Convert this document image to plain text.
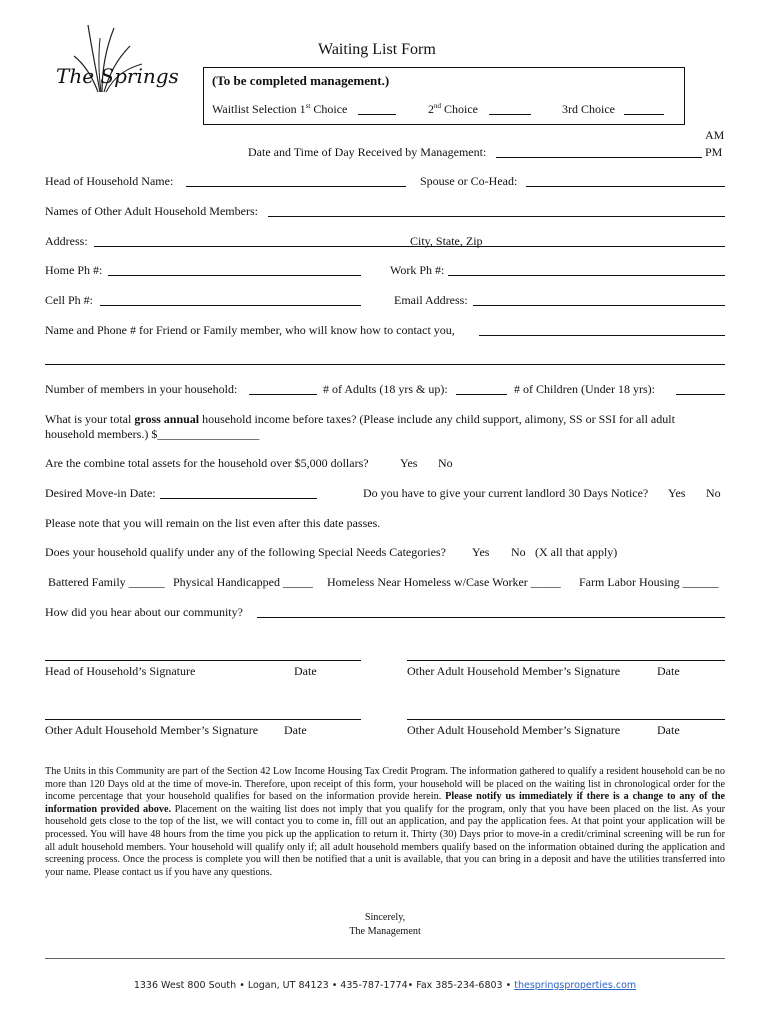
The Springs
Waiting List Form
(To be completed management.)
Waitlist Selection 1st Choice	2nd Choice	3rd Choice
AM
Date and Time of Day Received by Management:	PM
Head of Household Name:	Spouse or Co-Head:
Names of Other Adult Household Members:
Address:	City, State, Zip
Home Ph #:	Work Ph #:
Cell Ph #:	Email Address:
Name and Phone # for Friend or Family member, who will know how to contact you,
Number of members in your household:	# of Adults (18 yrs & up):	# of Children (Under 18 yrs):
What is your total gross annual household income before taxes? (Please include any child support, alimony, SS or SSI for all adult
household members.) $_________________
Are the combine total assets for the household over $5,000 dollars?	Yes No
Desired Move-in Date:	Do you have to give your current landlord 30 Days Notice? Yes No
Please note that you will remain on the list even after this date passes.
Does your household qualify under any of the following Special Needs Categories? Yes No (X all that apply)
Battered Family ______ Physical Handicapped _____ Homeless Near Homeless w/Case Worker _____ Farm Labor Housing ______
How did you hear about our community?
Head of Household’s Signature	Date	Other Adult Household Member’s Signature	Date
Other Adult Household Member’s Signature Date	Other Adult Household Member’s Signature	Date
The Units in this Community are part of the Section 42 Low Income Housing Tax Credit Program. The information gathered to qualify a resident household can be no more than 120 Days old at the time of move-in. Therefore, upon receipt of this form, your household will be placed on the waiting list in chronological order for the income percentage that your household qualifies for based on the information provide herein. Please notify us immediately if there is a change to any of the information provided above. Placement on the waiting list does not imply that you qualify for the program, only that you have been placed on the list. As your household gets close to the top of the list, we will contact you to come in, fill out an application, and pay the application fees. At that point your application will be processed. You will have 48 hours from the time you pick up the application to return it. Thirty (30) Days prior to move-in a credit/criminal screening will be run for all adult household members. Your household will qualify only if; all adult household members qualify based on the information obtained during the application and screening process. Once the process is complete you will then be notified that a unit is available, that you can bring in a deposit and have the utilities transferred into your name. Please contact us if you have any questions.
Sincerely,
The Management
1336 West 800 South • Logan, UT 84123 • 435-787-1774• Fax 385-234-6803 • thespringsproperties.com
